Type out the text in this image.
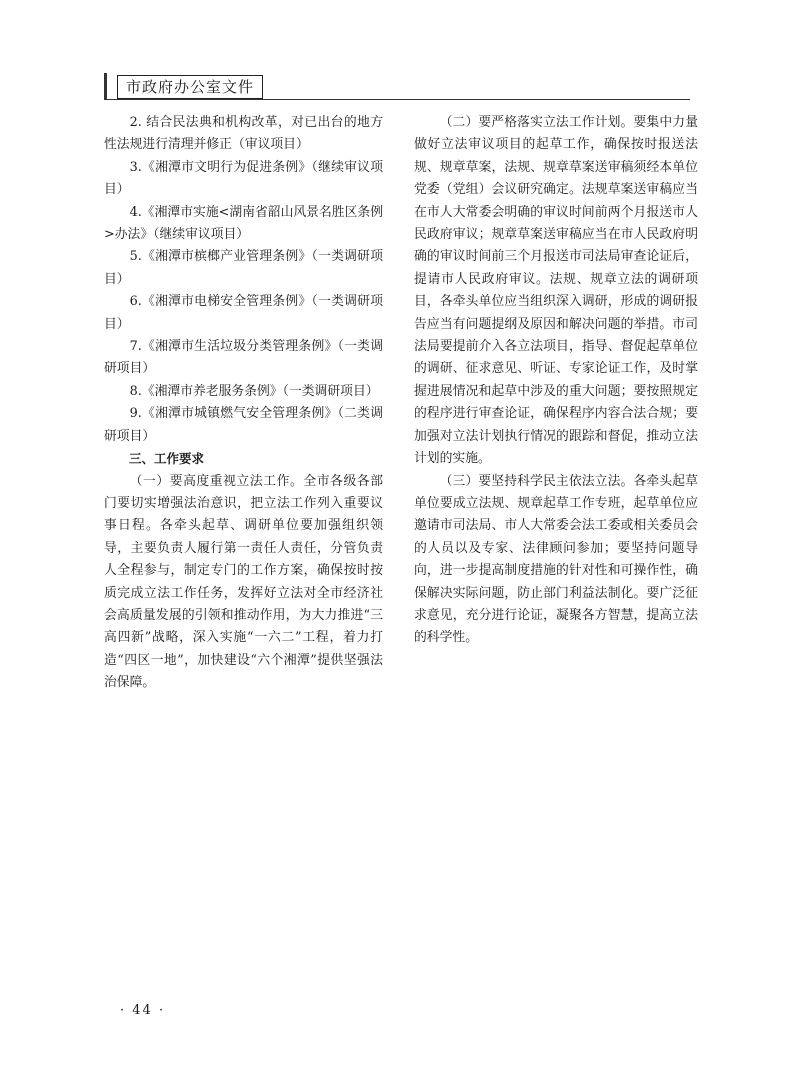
市政府办公室文件

2. 结合民法典和机构改革，对已出台的地方性法规进行清理并修正（审议项目）

3.《湘潭市文明行为促进条例》（继续审议项目）

4.《湘潭市实施<湖南省韶山风景名胜区条例>办法》（继续审议项目）

5.《湘潭市槟榔产业管理条例》（一类调研项目）

6.《湘潭市电梯安全管理条例》（一类调研项目）

7.《湘潭市生活垃圾分类管理条例》（一类调研项目）

8.《湘潭市养老服务条例》（一类调研项目）

9.《湘潭市城镇燃气安全管理条例》（二类调研项目）

三、工作要求

（一）要高度重视立法工作。全市各级各部门要切实增强法治意识，把立法工作列入重要议事日程。各牵头起草、调研单位要加强组织领导，主要负责人履行第一责任人责任，分管负责人全程参与，制定专门的工作方案，确保按时按质完成立法工作任务，发挥好立法对全市经济社会高质量发展的引领和推动作用，为大力推进“三高四新”战略，深入实施“一六二”工程，着力打造“四区一地”，加快建设“六个湘潭”提供坚强法治保障。

（二）要严格落实立法工作计划。要集中力量做好立法审议项目的起草工作，确保按时报送法规、规章草案，法规、规章草案送审稿须经本单位党委（党组）会议研究确定。法规草案送审稿应当在市人大常委会明确的审议时间前两个月报送市人民政府审议；规章草案送审稿应当在市人民政府明确的审议时间前三个月报送市司法局审查论证后，提请市人民政府审议。法规、规章立法的调研项目，各牵头单位应当组织深入调研，形成的调研报告应当有问题提纲及原因和解决问题的举措。市司法局要提前介入各立法项目，指导、督促起草单位的调研、征求意见、听证、专家论证工作，及时掌握进展情况和起草中涉及的重大问题；要按照规定的程序进行审查论证，确保程序内容合法合规；要加强对立法计划执行情况的跟踪和督促，推动立法计划的实施。

（三）要坚持科学民主依法立法。各牵头起草单位要成立法规、规章起草工作专班，起草单位应邀请市司法局、市人大常委会法工委或相关委员会的人员以及专家、法律顾问参加；要坚持问题导向，进一步提高制度措施的针对性和可操作性，确保解决实际问题，防止部门利益法制化。要广泛征求意见，充分进行论证，凝聚各方智慧，提高立法的科学性。

· 44 ·
